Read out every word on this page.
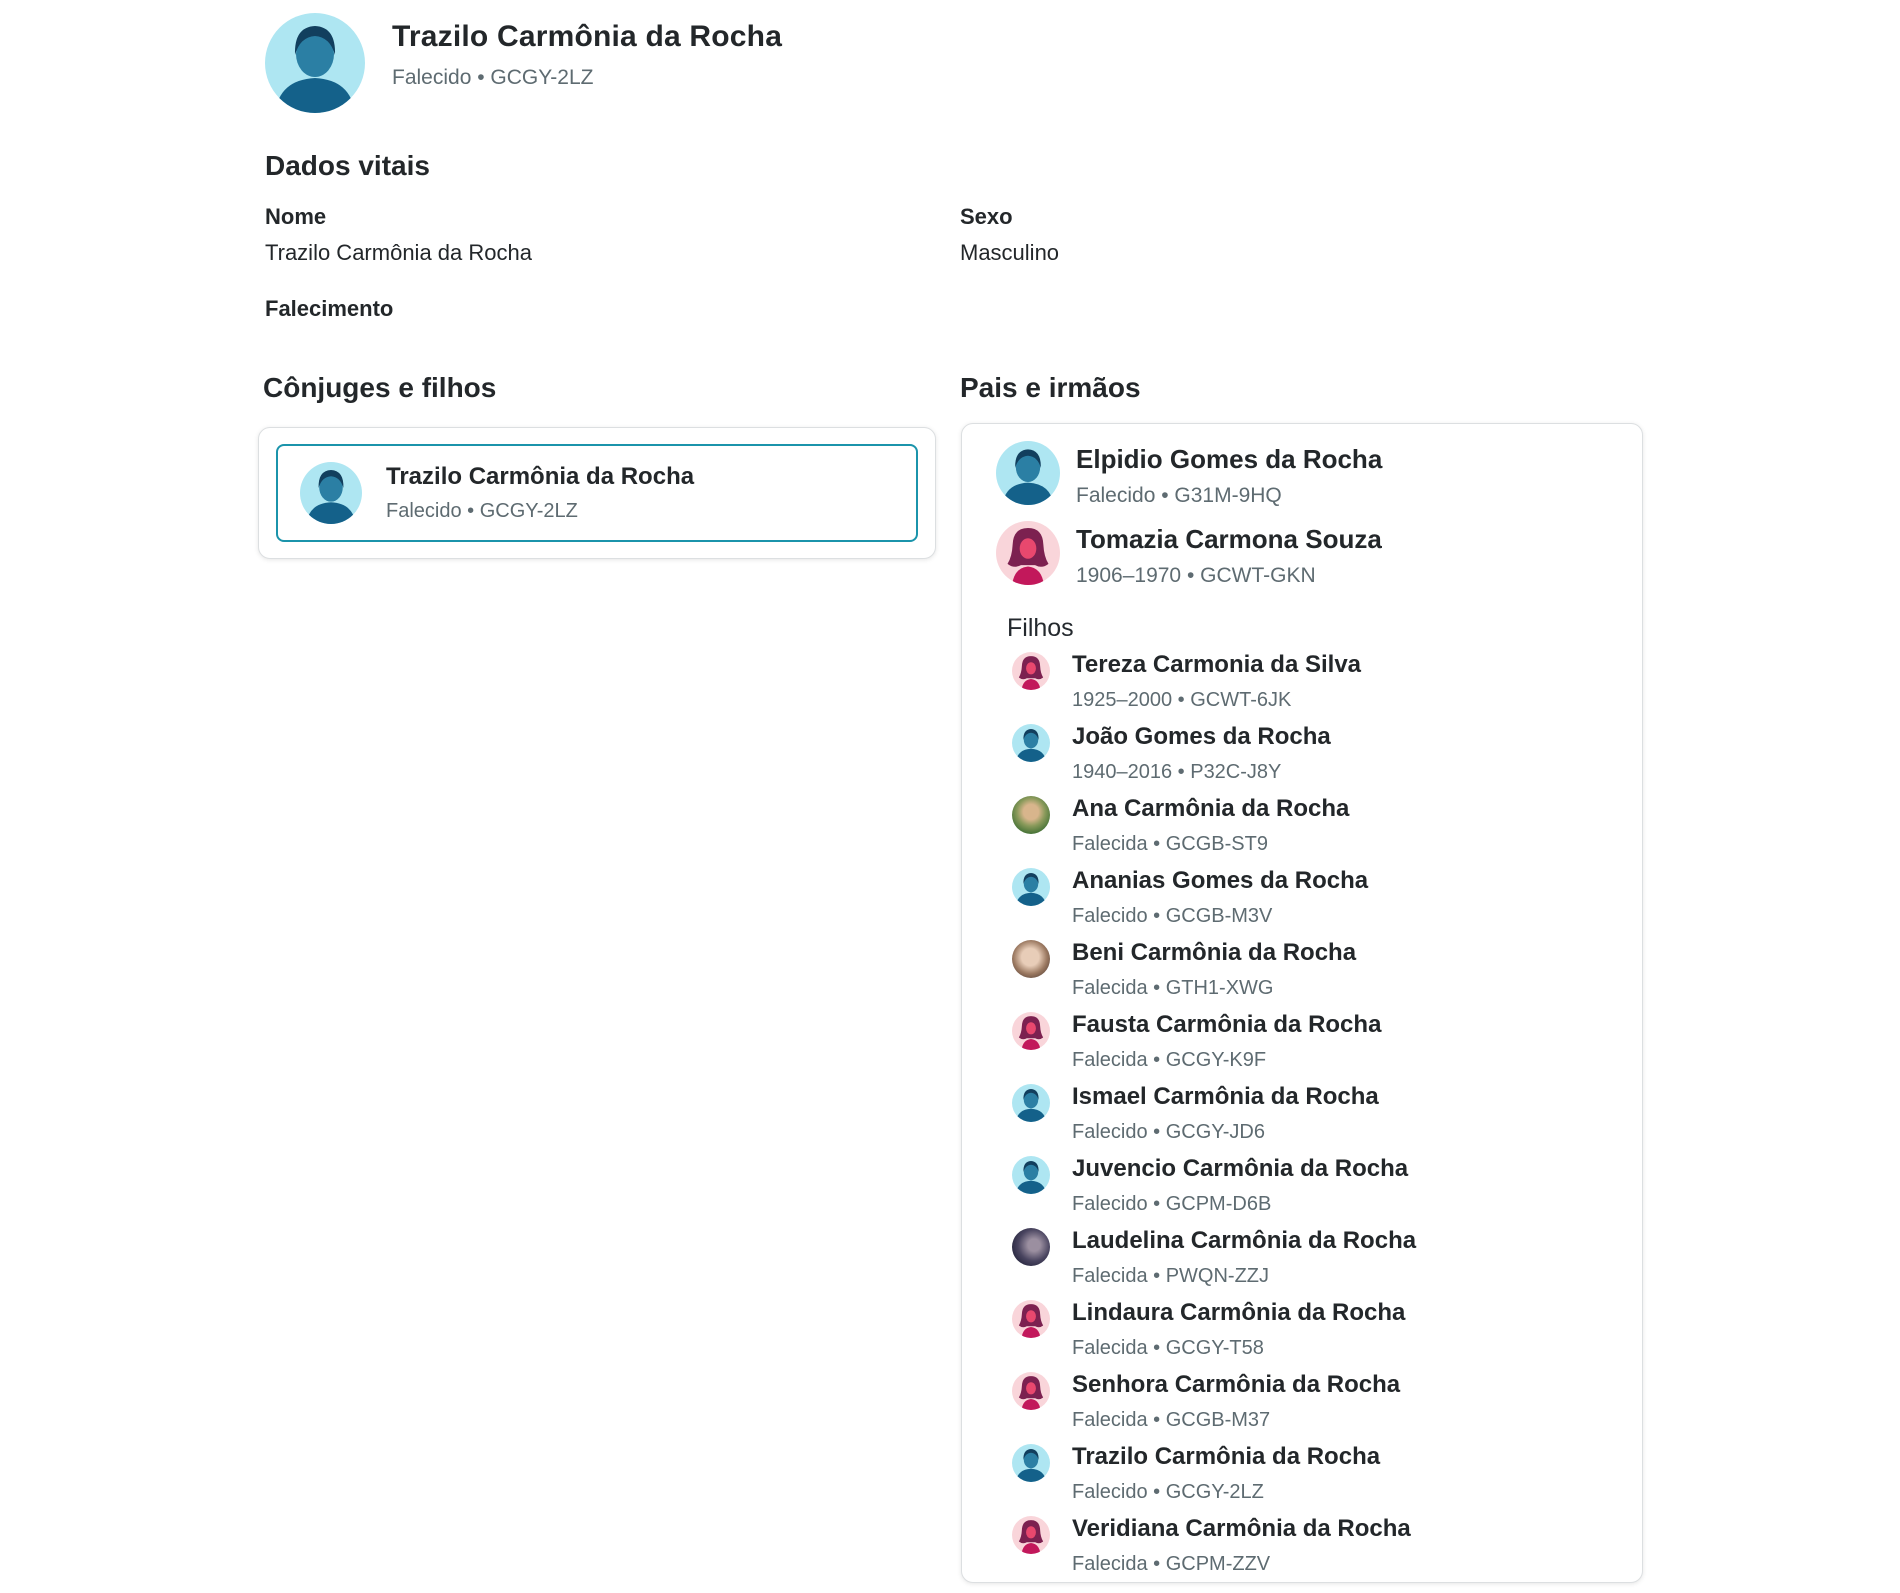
Trazilo Carmônia da Rocha
Falecido • GCGY-2LZ
Dados vitais
Nome
Trazilo Carmônia da Rocha
Sexo
Masculino
Falecimento
Cônjuges e filhos	Pais e irmãos
Trazilo Carmônia da Rocha
Falecido • GCGY-2LZ
Elpidio Gomes da Rocha
Falecido • G31M-9HQ
Tomazia Carmona Souza
1906–1970 • GCWT-GKN
Filhos
Tereza Carmonia da Silva
1925–2000 • GCWT-6JK
João Gomes da Rocha
1940–2016 • P32C-J8Y
Ana Carmônia da Rocha
Falecida • GCGB-ST9
Ananias Gomes da Rocha
Falecido • GCGB-M3V
Beni Carmônia da Rocha
Falecida • GTH1-XWG
Fausta Carmônia da Rocha
Falecida • GCGY-K9F
Ismael Carmônia da Rocha
Falecido • GCGY-JD6
Juvencio Carmônia da Rocha
Falecido • GCPM-D6B
Laudelina Carmônia da Rocha
Falecida • PWQN-ZZJ
Lindaura Carmônia da Rocha
Falecida • GCGY-T58
Senhora Carmônia da Rocha
Falecida • GCGB-M37
Trazilo Carmônia da Rocha
Falecido • GCGY-2LZ
Veridiana Carmônia da Rocha
Falecida • GCPM-ZZV
